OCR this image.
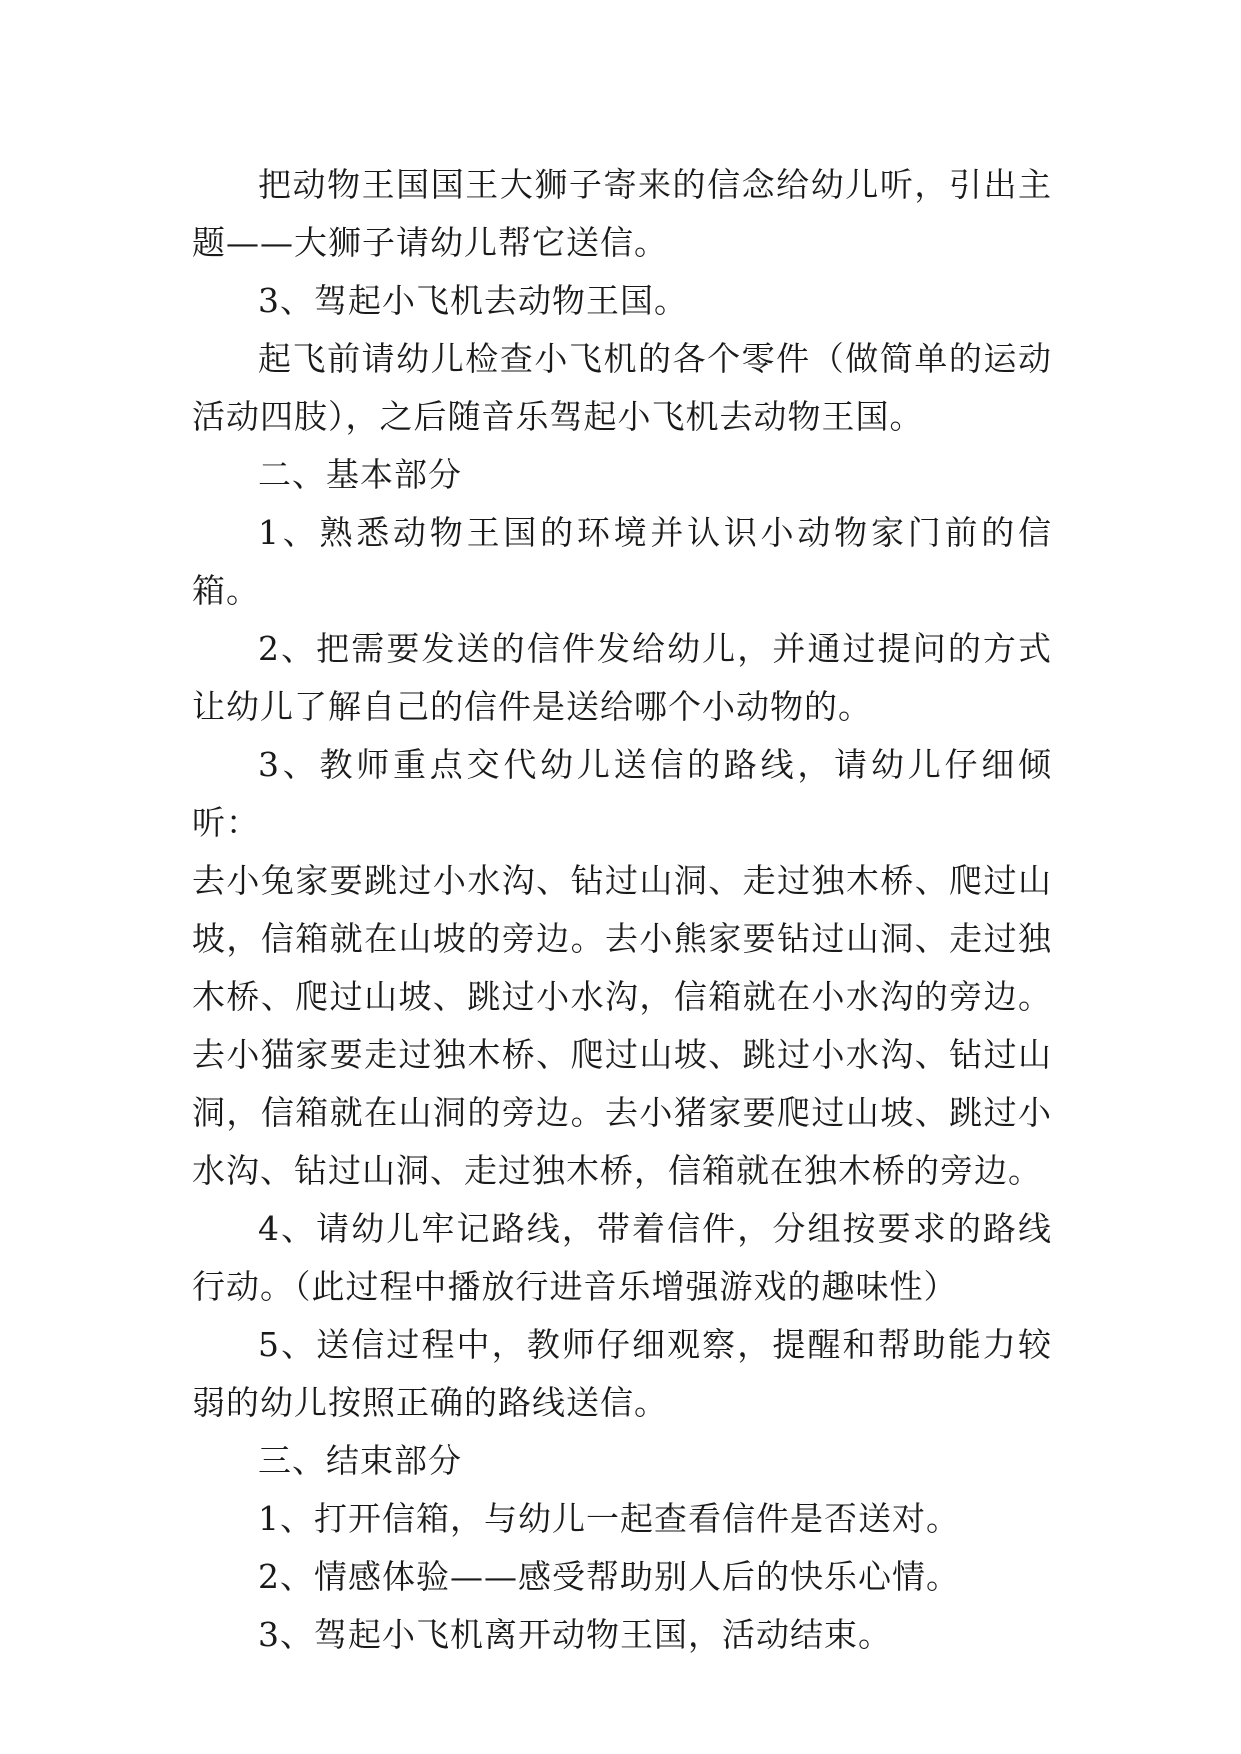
把动物王国国王大狮子寄来的信念给幼儿听，引出主题——大狮子请幼儿帮它送信。

3、驾起小飞机去动物王国。

起飞前请幼儿检查小飞机的各个零件（做简单的运动活动四肢），之后随音乐驾起小飞机去动物王国。

二、基本部分

1、熟悉动物王国的环境并认识小动物家门前的信箱。

2、把需要发送的信件发给幼儿，并通过提问的方式让幼儿了解自己的信件是送给哪个小动物的。

3、教师重点交代幼儿送信的路线，请幼儿仔细倾听：

去小兔家要跳过小水沟、钻过山洞、走过独木桥、爬过山坡，信箱就在山坡的旁边。去小熊家要钻过山洞、走过独木桥、爬过山坡、跳过小水沟，信箱就在小水沟的旁边。去小猫家要走过独木桥、爬过山坡、跳过小水沟、钻过山洞，信箱就在山洞的旁边。去小猪家要爬过山坡、跳过小水沟、钻过山洞、走过独木桥，信箱就在独木桥的旁边。

4、请幼儿牢记路线，带着信件，分组按要求的路线行动。（此过程中播放行进音乐增强游戏的趣味性）

5、送信过程中，教师仔细观察，提醒和帮助能力较弱的幼儿按照正确的路线送信。

三、结束部分

1、打开信箱，与幼儿一起查看信件是否送对。

2、情感体验——感受帮助别人后的快乐心情。

3、驾起小飞机离开动物王国，活动结束。
